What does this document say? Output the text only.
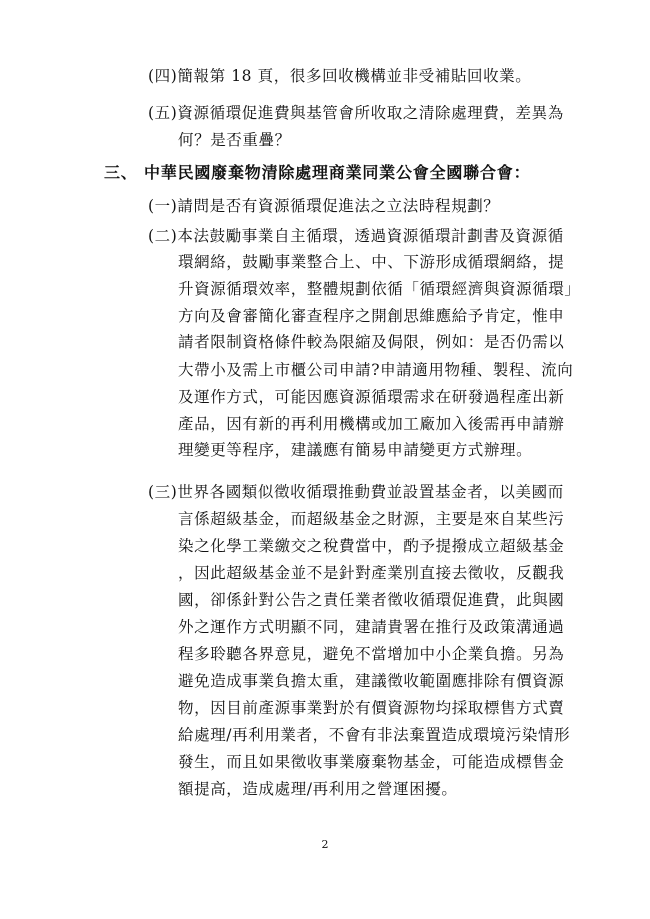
(四)簡報第 18 頁，很多回收機構並非受補貼回收業。
(五)資源循環促進費與基管會所收取之清除處理費，差異為
何？是否重疊？
三、 中華民國廢棄物清除處理商業同業公會全國聯合會：
(一)請問是否有資源循環促進法之立法時程規劃？
(二)本法鼓勵事業自主循環，透過資源循環計劃書及資源循
環網絡，鼓勵事業整合上、中、下游形成循環網絡，提
升資源循環效率，整體規劃依循「循環經濟與資源循環」
方向及會審簡化審查程序之開創思維應給予肯定，惟申
請者限制資格條件較為限縮及侷限，例如：是否仍需以
大帶小及需上市櫃公司申請?申請適用物種、製程、流向
及運作方式，可能因應資源循環需求在研發過程產出新
產品，因有新的再利用機構或加工廠加入後需再申請辦
理變更等程序，建議應有簡易申請變更方式辦理。
(三)世界各國類似徵收循環推動費並設置基金者，以美國而
言係超級基金，而超級基金之財源，主要是來自某些污
染之化學工業繳交之稅費當中，酌予提撥成立超級基金
，因此超級基金並不是針對產業別直接去徵收，反觀我
國，卻係針對公告之責任業者徵收循環促進費，此與國
外之運作方式明顯不同，建請貴署在推行及政策溝通過
程多聆聽各界意見，避免不當增加中小企業負擔。另為
避免造成事業負擔太重，建議徵收範圍應排除有價資源
物，因目前產源事業對於有價資源物均採取標售方式賣
給處理/再利用業者，不會有非法棄置造成環境污染情形
發生，而且如果徵收事業廢棄物基金，可能造成標售金
額提高，造成處理/再利用之營運困擾。
2
